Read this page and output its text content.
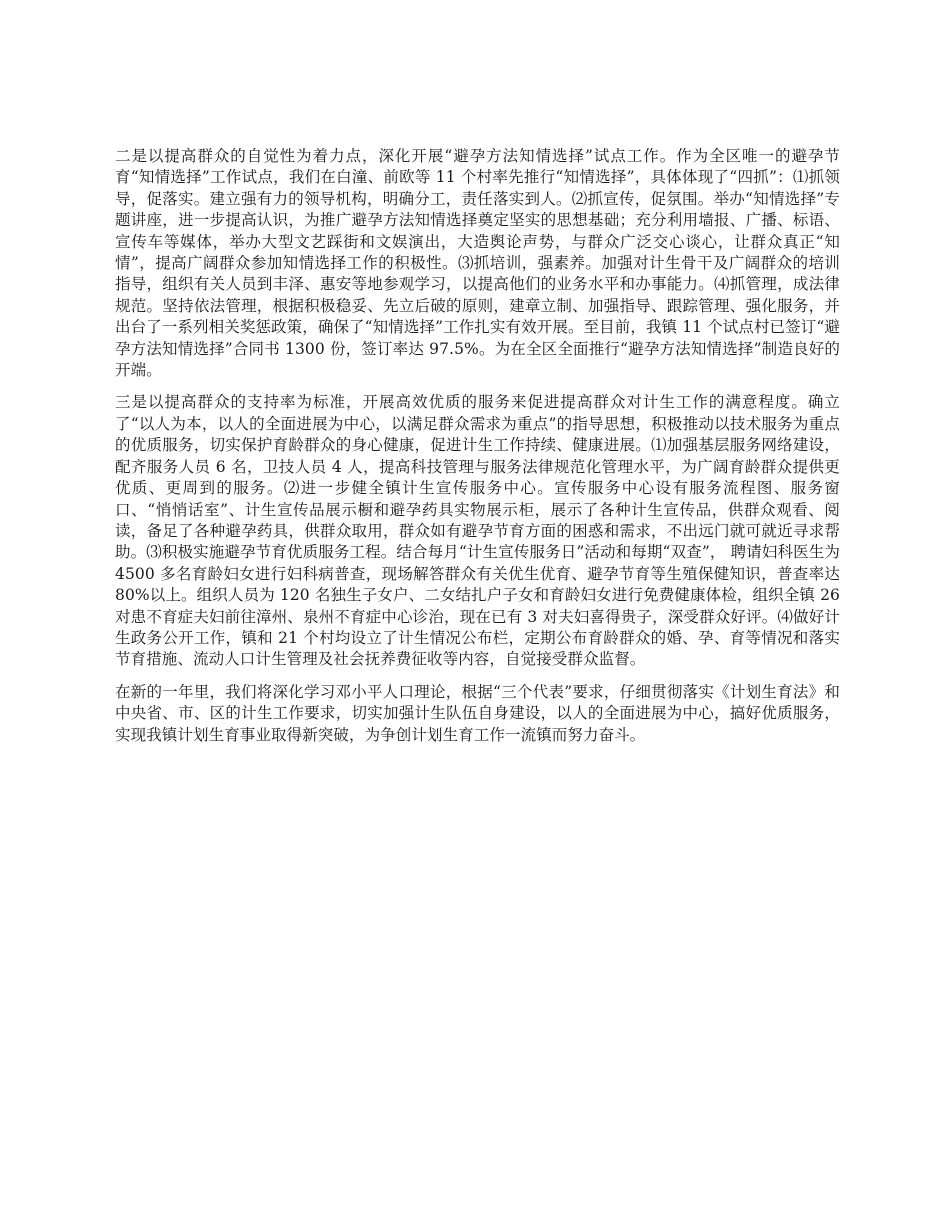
二是以提高群众的自觉性为着力点，深化开展“避孕方法知情选择”试点工作。作为全区唯一的避孕节育“知情选择”工作试点，我们在白潼、前欧等 11 个村率先推行“知情选择”，具体体现了“四抓”：⑴抓领导，促落实。建立强有力的领导机构，明确分工，责任落实到人。⑵抓宣传，促氛围。举办“知情选择”专题讲座，进一步提高认识，为推广避孕方法知情选择奠定坚实的思想基础；充分利用墙报、广播、标语、宣传车等媒体，举办大型文艺踩街和文娱演出，大造舆论声势，与群众广泛交心谈心，让群众真正“知情”，提高广阔群众参加知情选择工作的积极性。⑶抓培训，强素养。加强对计生骨干及广阔群众的培训指导，组织有关人员到丰泽、惠安等地参观学习，以提高他们的业务水平和办事能力。⑷抓管理，成法律规范。坚持依法管理，根据积极稳妥、先立后破的原则，建章立制、加强指导、跟踪管理、强化服务，并出台了一系列相关奖惩政策，确保了“知情选择”工作扎实有效开展。至目前，我镇 11 个试点村已签订“避孕方法知情选择”合同书 1300 份，签订率达 97.5%。为在全区全面推行“避孕方法知情选择”制造良好的开端。

三是以提高群众的支持率为标准，开展高效优质的服务来促进提高群众对计生工作的满意程度。确立了“以人为本，以人的全面进展为中心，以满足群众需求为重点”的指导思想，积极推动以技术服务为重点的优质服务，切实保护育龄群众的身心健康，促进计生工作持续、健康进展。⑴加强基层服务网络建设，配齐服务人员 6 名，卫技人员 4 人，提高科技管理与服务法律规范化管理水平，为广阔育龄群众提供更优质、更周到的服务。⑵进一步健全镇计生宣传服务中心。宣传服务中心设有服务流程图、服务窗口、“悄悄话室”、计生宣传品展示橱和避孕药具实物展示柜，展示了各种计生宣传品，供群众观看、阅读，备足了各种避孕药具，供群众取用，群众如有避孕节育方面的困惑和需求，不出远门就可就近寻求帮助。⑶积极实施避孕节育优质服务工程。结合每月“计生宣传服务日”活动和每期“双查”， 聘请妇科医生为 4500 多名育龄妇女进行妇科病普查，现场解答群众有关优生优育、避孕节育等生殖保健知识，普查率达 80%以上。组织人员为 120 名独生子女户、二女结扎户子女和育龄妇女进行免费健康体检，组织全镇 26 对患不育症夫妇前往漳州、泉州不育症中心诊治，现在已有 3 对夫妇喜得贵子，深受群众好评。⑷做好计生政务公开工作，镇和 21 个村均设立了计生情况公布栏，定期公布育龄群众的婚、孕、育等情况和落实节育措施、流动人口计生管理及社会抚养费征收等内容，自觉接受群众监督。

在新的一年里，我们将深化学习邓小平人口理论，根据“三个代表”要求，仔细贯彻落实《计划生育法》和中央省、市、区的计生工作要求，切实加强计生队伍自身建设，以人的全面进展为中心，搞好优质服务，实现我镇计划生育事业取得新突破，为争创计划生育工作一流镇而努力奋斗。
